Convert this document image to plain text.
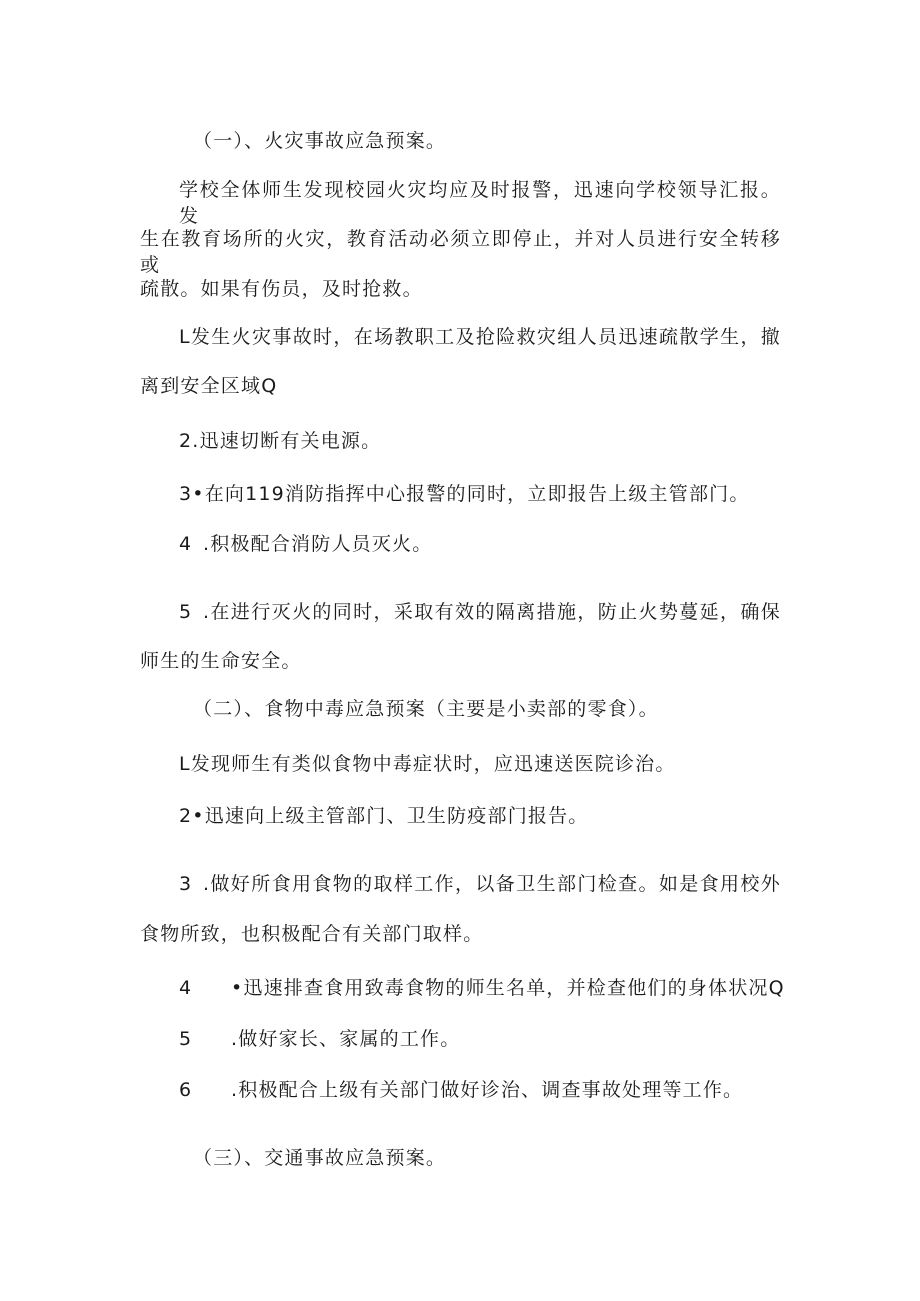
（一）、火灾事故应急预案。
学校全体师生发现校园火灾均应及时报警，迅速向学校领导汇报。发
生在教育场所的火灾，教育活动必须立即停止，并对人员进行安全转移或
疏散。如果有伤员，及时抢救。
L发生火灾事故时，在场教职工及抢险救灾组人员迅速疏散学生，撤
离到安全区域Q
2.迅速切断有关电源。
3•在向119消防指挥中心报警的同时，立即报告上级主管部门。
4 .积极配合消防人员灭火。
5 .在进行灭火的同时，采取有效的隔离措施，防止火势蔓延，确保
师生的生命安全。
（二）、食物中毒应急预案（主要是小卖部的零食）。
L发现师生有类似食物中毒症状时，应迅速送医院诊治。
2•迅速向上级主管部门、卫生防疫部门报告。
3 .做好所食用食物的取样工作，以备卫生部门检查。如是食用校外
食物所致，也积极配合有关部门取样。
4 •迅速排查食用致毒食物的师生名单，并检查他们的身体状况Q
5 .做好家长、家属的工作。
6 .积极配合上级有关部门做好诊治、调查事故处理等工作。
（三）、交通事故应急预案。
